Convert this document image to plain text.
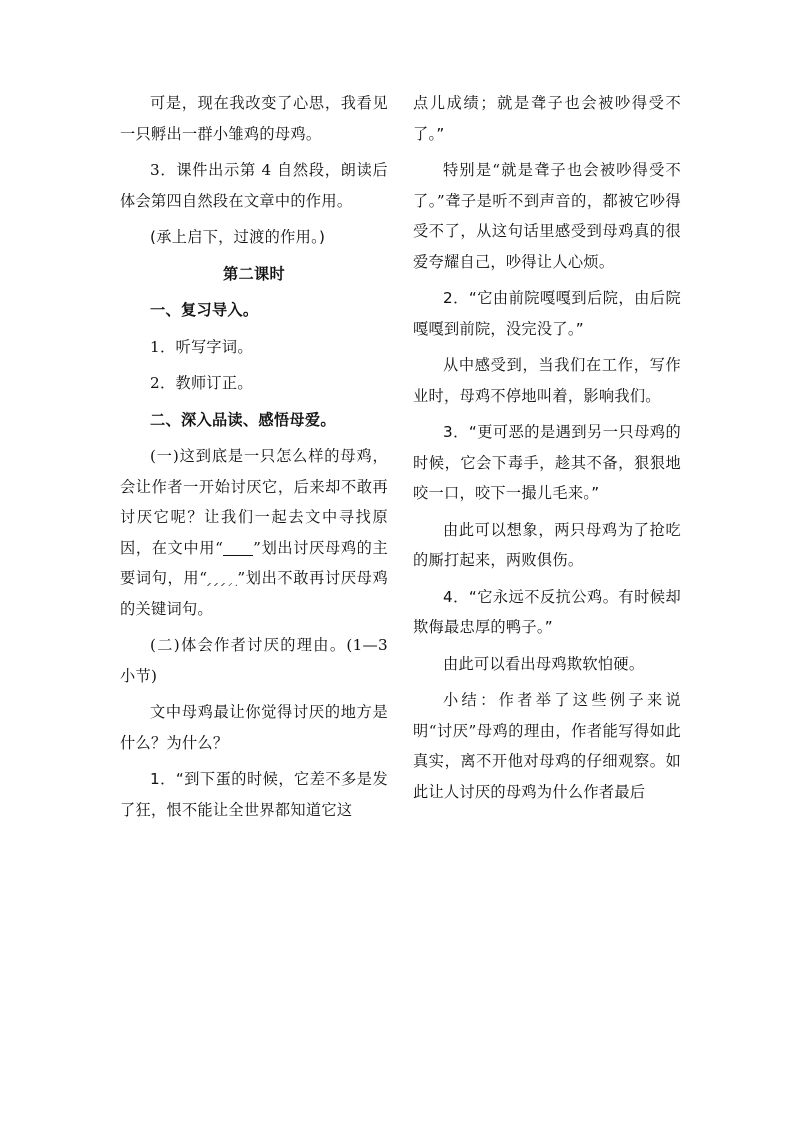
可是，现在我改变了心思，我看见一只孵出一群小雏鸡的母鸡。

3．课件出示第 4 自然段，朗读后体会第四自然段在文章中的作用。

(承上启下，过渡的作用。)

第二课时

一、复习导入。

1．听写字词。

2．教师订正。

二、深入品读、感悟母爱。

(一)这到底是一只怎么样的母鸡，会让作者一开始讨厌它，后来却不敢再讨厌它呢？让我们一起去文中寻找原因，在文中用“ ”划出讨厌母鸡的主要词句，用“ ”划出不敢再讨厌母鸡的关键词句。

(二)体会作者讨厌的理由。(1—3 小节)

文中母鸡最让你觉得讨厌的地方是什么？为什么？

1．“到下蛋的时候，它差不多是发了狂，恨不能让全世界都知道它这

点儿成绩；就是聋子也会被吵得受不了。”

特别是“就是聋子也会被吵得受不了。”聋子是听不到声音的，都被它吵得受不了，从这句话里感受到母鸡真的很爱夸耀自己，吵得让人心烦。

2．“它由前院嘎嘎到后院，由后院嘎嘎到前院，没完没了。”

从中感受到，当我们在工作，写作业时，母鸡不停地叫着，影响我们。

3．“更可恶的是遇到另一只母鸡的时候，它会下毒手，趁其不备，狠狠地咬一口，咬下一撮儿毛来。”

由此可以想象，两只母鸡为了抢吃的厮打起来，两败俱伤。

4．“它永远不反抗公鸡。有时候却欺侮最忠厚的鸭子。”

由此可以看出母鸡欺软怕硬。

小结：作者举了这些例子来说明“讨厌”母鸡的理由，作者能写得如此真实，离不开他对母鸡的仔细观察。如此让人讨厌的母鸡为什么作者最后
